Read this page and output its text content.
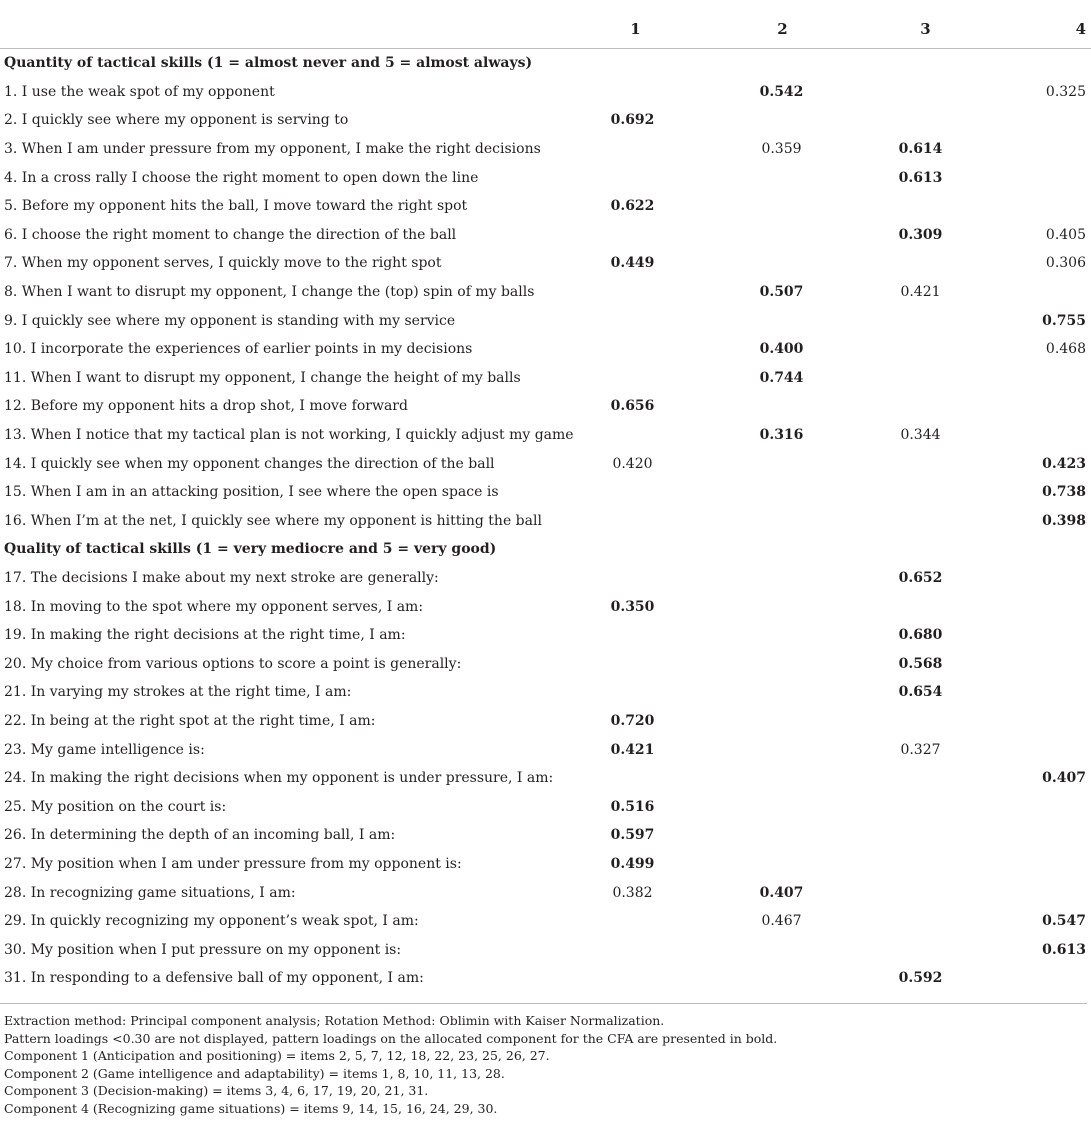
	1	2	3	4

Quantity of tactical skills (1 = almost never and 5 = almost always)				
1. I use the weak spot of my opponent		0.542		0.325
2. I quickly see where my opponent is serving to	0.692			
3. When I am under pressure from my opponent, I make the right decisions		0.359	0.614	
4. In a cross rally I choose the right moment to open down the line			0.613	
5. Before my opponent hits the ball, I move toward the right spot	0.622			
6. I choose the right moment to change the direction of the ball			0.309	0.405
7. When my opponent serves, I quickly move to the right spot	0.449			0.306
8. When I want to disrupt my opponent, I change the (top) spin of my balls		0.507	0.421	
9. I quickly see where my opponent is standing with my service				0.755
10. I incorporate the experiences of earlier points in my decisions		0.400		0.468
11. When I want to disrupt my opponent, I change the height of my balls		0.744		
12. Before my opponent hits a drop shot, I move forward	0.656			
13. When I notice that my tactical plan is not working, I quickly adjust my game		0.316	0.344	
14. I quickly see when my opponent changes the direction of the ball	0.420			0.423
15. When I am in an attacking position, I see where the open space is				0.738
16. When I’m at the net, I quickly see where my opponent is hitting the ball				0.398
Quality of tactical skills (1 = very mediocre and 5 = very good)				
17. The decisions I make about my next stroke are generally:			0.652	
18. In moving to the spot where my opponent serves, I am:	0.350			
19. In making the right decisions at the right time, I am:			0.680	
20. My choice from various options to score a point is generally:			0.568	
21. In varying my strokes at the right time, I am:			0.654	
22. In being at the right spot at the right time, I am:	0.720			
23. My game intelligence is:	0.421		0.327	
24. In making the right decisions when my opponent is under pressure, I am:				0.407
25. My position on the court is:	0.516			
26. In determining the depth of an incoming ball, I am:	0.597			
27. My position when I am under pressure from my opponent is:	0.499			
28. In recognizing game situations, I am:	0.382	0.407		
29. In quickly recognizing my opponent’s weak spot, I am:		0.467		0.547
30. My position when I put pressure on my opponent is:				0.613
31. In responding to a defensive ball of my opponent, I am:			0.592	
Extraction method: Principal component analysis; Rotation Method: Oblimin with Kaiser Normalization.
Pattern loadings <0.30 are not displayed, pattern loadings on the allocated component for the CFA are presented in bold.
Component 1 (Anticipation and positioning) = items 2, 5, 7, 12, 18, 22, 23, 25, 26, 27.
Component 2 (Game intelligence and adaptability) = items 1, 8, 10, 11, 13, 28.
Component 3 (Decision-making) = items 3, 4, 6, 17, 19, 20, 21, 31.
Component 4 (Recognizing game situations) = items 9, 14, 15, 16, 24, 29, 30.
